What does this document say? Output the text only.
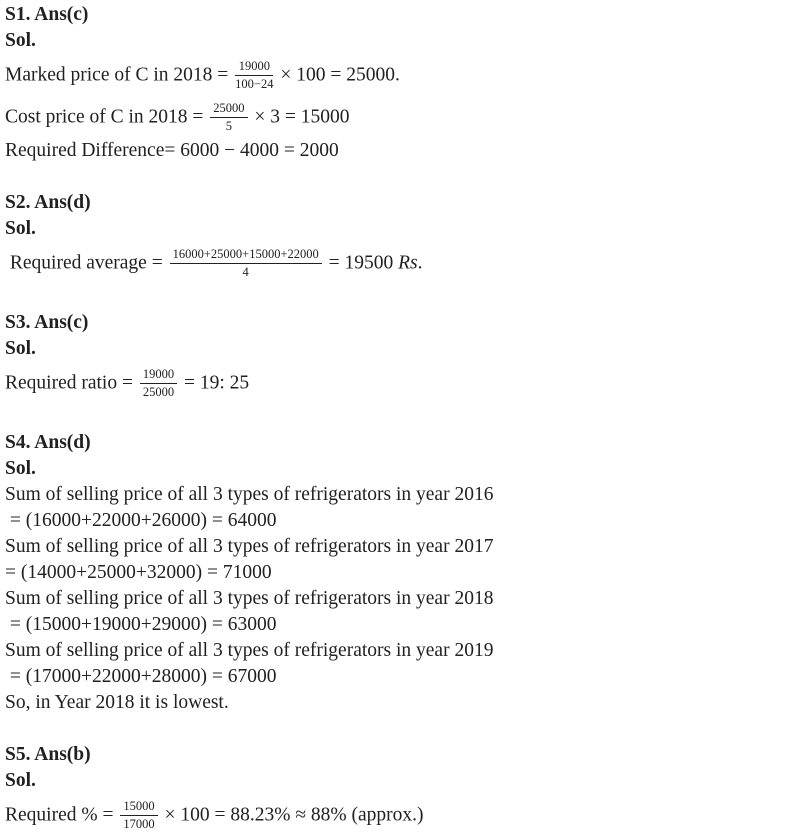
S1. Ans(c)
Sol.
Marked price of C in $2018 = \frac{19000}{100-24} \times 100 = 25000$.
Cost price of C in $2018 = \frac{25000}{5} \times 3 = 15000$
Required Difference= 6000 − 4000 = 2000
S2. Ans(d)
Sol.
Required average = $\frac{16000+25000+15000+22000}{4} = 19500$ Rs.
S3. Ans(c)
Sol.
Required ratio = $\frac{19000}{25000} = 19$: 25
S4. Ans(d)
Sol.
Sum of selling price of all 3 types of refrigerators in year 2016
= (16000+22000+26000) = 64000
Sum of selling price of all 3 types of refrigerators in year 2017
= (14000+25000+32000) = 71000
Sum of selling price of all 3 types of refrigerators in year 2018
= (15000+19000+29000) = 63000
Sum of selling price of all 3 types of refrigerators in year 2019
= (17000+22000+28000) = 67000
So, in Year 2018 it is lowest.
S5. Ans(b)
Sol.
Required % = $\frac{15000}{17000} \times 100 = 88.23\% \approx 88\%$ (approx.)
